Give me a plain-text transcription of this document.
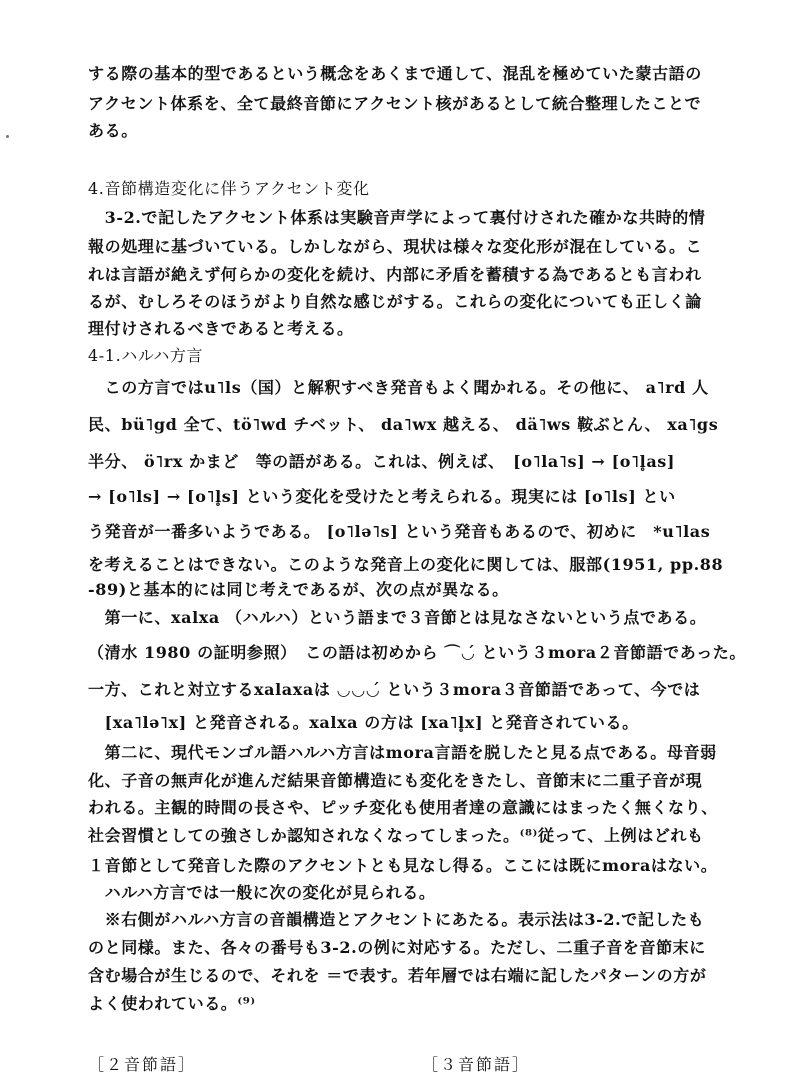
する際の基本的型であるという概念をあくまで通して、混乱を極めていた蒙古語の
アクセント体系を、全て最終音節にアクセント核があるとして統合整理したことで
ある。
4.音節構造変化に伴うアクセント変化
　3-2.で記したアクセント体系は実験音声学によって裏付けされた確かな共時的情
報の処理に基づいている。しかしながら、現状は様々な変化形が混在している。こ
れは言語が絶えず何らかの変化を続け、内部に矛盾を蓄積する為であるとも言われ
るが、むしろそのほうがより自然な感じがする。これらの変化についても正しく論
理付けされるべきであると考える。
4-1.ハルハ方言
　この方言ではu˥ls（国）と解釈すべき発音もよく聞かれる。その他に、 a˥rd 人
民、bü˥gd 全て、tö˥wd チベット、 da˥wx 越える、 dä˥ws 鞍ぶとん、 xa˥gs
半分、 ö˥rx かまど　等の語がある。これは、例えば、　[o˥la˥s] → [o˥l̥as]
→ [o˥ls] → [o˥l̥s] という変化を受けたと考えられる。現実には [o˥ls] とい
う発音が一番多いようである。 [o˥lə˥s] という発音もあるので、初めに　*u˥las
を考えることはできない。このような発音上の変化に関しては、服部(1951, pp.88
-89)と基本的には同じ考えであるが、次の点が異なる。
　第一に、xalxa （ハルハ）という語まで３音節とは見なさないという点である。
（清水 1980 の証明参照）　この語は初めから ⌒◡́ という３mora２音節語であった。
一方、これと対立するxalaxaは ◡◡◡́ という３mora３音節語であって、今では
　[xa˥lə˥x] と発音される。xalxa の方は [xa˥l̥x] と発音されている。
　第二に、現代モンゴル語ハルハ方言はmora言語を脱したと見る点である。母音弱
化、子音の無声化が進んだ結果音節構造にも変化をきたし、音節末に二重子音が現
われる。主観的時間の長さや、ピッチ変化も使用者達の意識にはまったく無くなり、
社会習慣としての強さしか認知されなくなってしまった。⁽⁸⁾従って、上例はどれも
１音節として発音した際のアクセントとも見なし得る。ここには既にmoraはない。
　ハルハ方言では一般に次の変化が見られる。
　※右側がハルハ方言の音韻構造とアクセントにあたる。表示法は3-2.で記したも
のと同様。また、各々の番号も3-2.の例に対応する。ただし、二重子音を音節末に
含む場合が生じるので、それを ＝で表す。若年層では右端に記したパターンの方が
よく使われている。⁽⁹⁾
［２音節語］	［３音節語］
